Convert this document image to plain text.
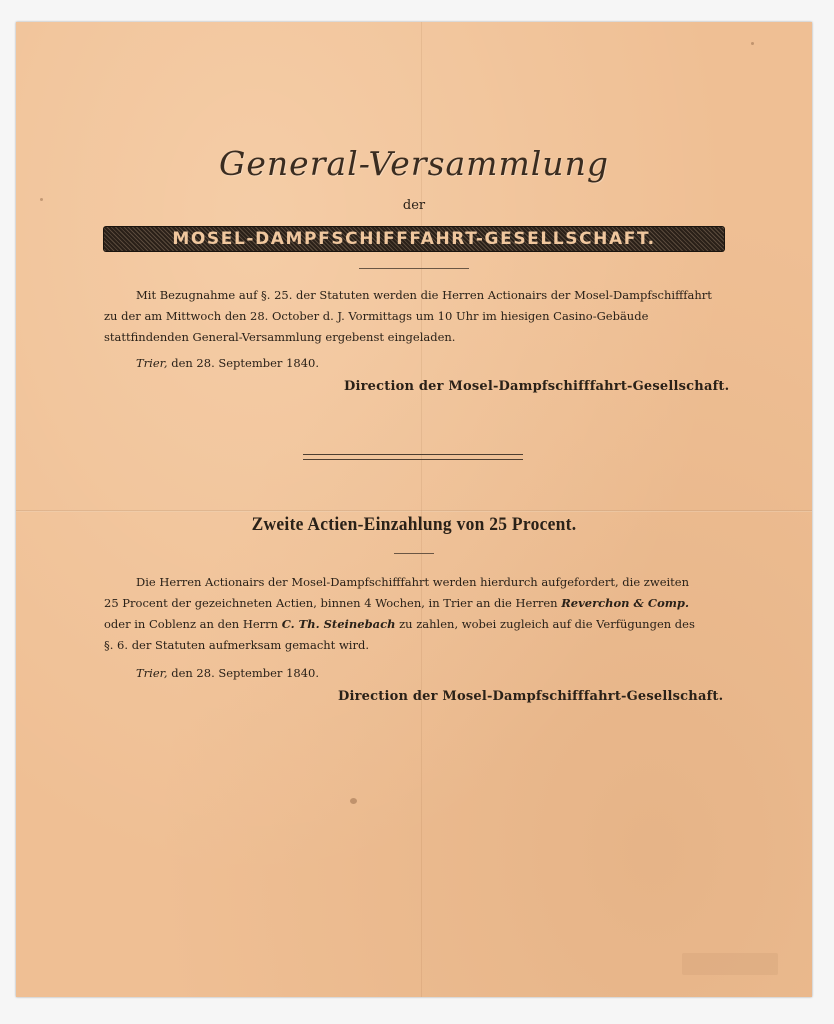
General-Versammlung
der
MOSEL-DAMPFSCHIFFFAHRT-GESELLSCHAFT.

Mit Bezugnahme auf §. 25. der Statuten werden die Herren Actionairs der Mosel-Dampfschifffahrt

zu der am Mittwoch den 28. October d. J. Vormittags um 10 Uhr im hiesigen Casino-Gebäude

stattfindenden General-Versammlung ergebenst eingeladen.

Trier, den 28. September 1840.
Direction der Mosel-Dampfschifffahrt-Gesellschaft.
Zweite Actien-Einzahlung von 25 Procent.

Die Herren Actionairs der Mosel-Dampfschifffahrt werden hierdurch aufgefordert, die zweiten

25 Procent der gezeichneten Actien, binnen 4 Wochen, in Trier an die Herren Reverchon & Comp.

oder in Coblenz an den Herrn C. Th. Steinebach zu zahlen, wobei zugleich auf die Verfügungen des

§. 6. der Statuten aufmerksam gemacht wird.

Trier, den 28. September 1840.
Direction der Mosel-Dampfschifffahrt-Gesellschaft.
